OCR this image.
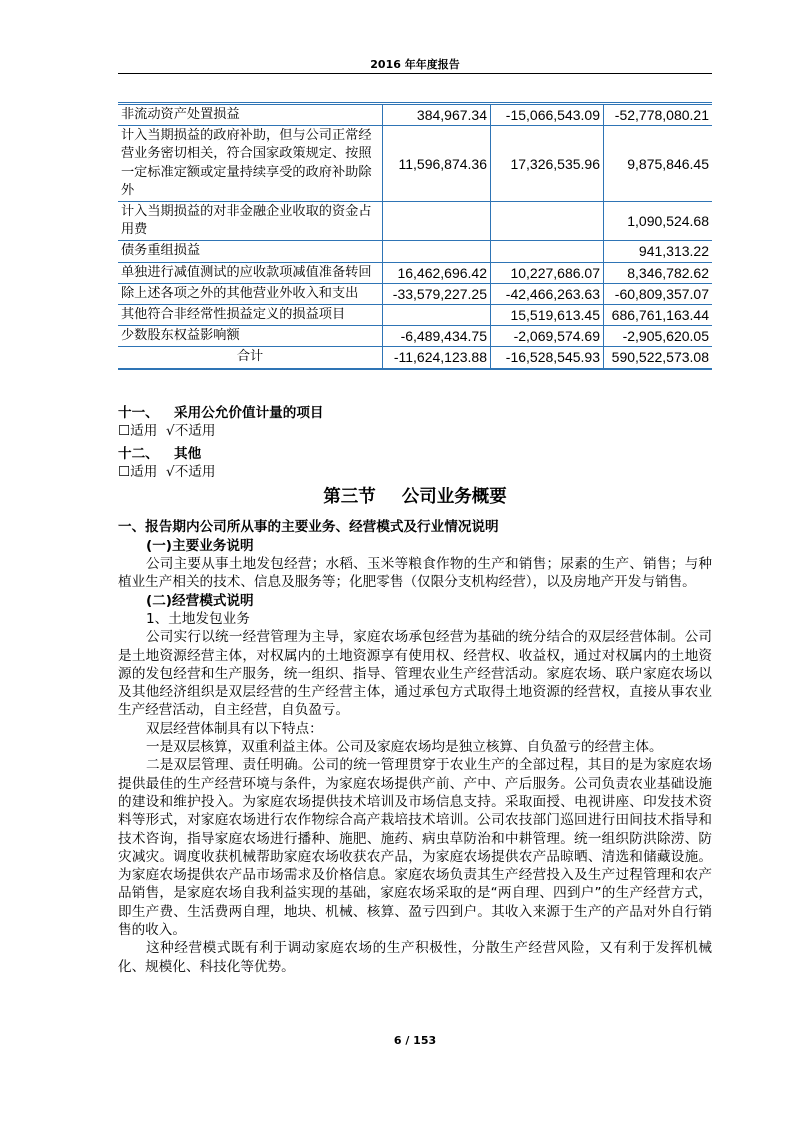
2016 年年度报告
非流动资产处置损益	384,967.34	-15,066,543.09	-52,778,080.21
计入当期损益的政府补助，但与公司正常经营业务密切相关，符合国家政策规定、按照一定标准定额或定量持续享受的政府补助除外	11,596,874.36	17,326,535.96	9,875,846.45
计入当期损益的对非金融企业收取的资金占用费			1,090,524.68
债务重组损益			941,313.22
单独进行减值测试的应收款项减值准备转回	16,462,696.42	10,227,686.07	8,346,782.62
除上述各项之外的其他营业外收入和支出	-33,579,227.25	-42,466,263.63	-60,809,357.07
其他符合非经常性损益定义的损益项目		15,519,613.45	686,761,163.44
少数股东权益影响额	-6,489,434.75	-2,069,574.69	-2,905,620.05
合计	-11,624,123.88	-16,528,545.93	590,522,573.08
十一、 采用公允价值计量的项目
☐适用 √不适用
十二、 其他
☐适用 √不适用
第三节 公司业务概要
一、报告期内公司所从事的主要业务、经营模式及行业情况说明
(一)主要业务说明

公司主要从事土地发包经营；水稻、玉米等粮食作物的生产和销售；尿素的生产、销售；与种植业生产相关的技术、信息及服务等；化肥零售（仅限分支机构经营），以及房地产开发与销售。

(二)经营模式说明

1、土地发包业务

公司实行以统一经营管理为主导，家庭农场承包经营为基础的统分结合的双层经营体制。公司是土地资源经营主体，对权属内的土地资源享有使用权、经营权、收益权，通过对权属内的土地资源的发包经营和生产服务，统一组织、指导、管理农业生产经营活动。家庭农场、联户家庭农场以及其他经济组织是双层经营的生产经营主体，通过承包方式取得土地资源的经营权，直接从事农业生产经营活动，自主经营，自负盈亏。

双层经营体制具有以下特点：

一是双层核算，双重利益主体。公司及家庭农场均是独立核算、自负盈亏的经营主体。

二是双层管理、责任明确。公司的统一管理贯穿于农业生产的全部过程，其目的是为家庭农场提供最佳的生产经营环境与条件，为家庭农场提供产前、产中、产后服务。公司负责农业基础设施的建设和维护投入。为家庭农场提供技术培训及市场信息支持。采取面授、电视讲座、印发技术资料等形式，对家庭农场进行农作物综合高产栽培技术培训。公司农技部门巡回进行田间技术指导和技术咨询，指导家庭农场进行播种、施肥、施药、病虫草防治和中耕管理。统一组织防洪除涝、防灾减灾。调度收获机械帮助家庭农场收获农产品，为家庭农场提供农产品晾晒、清选和储藏设施。为家庭农场提供农产品市场需求及价格信息。家庭农场负责其生产经营投入及生产过程管理和农产品销售，是家庭农场自我利益实现的基础，家庭农场采取的是“两自理、四到户”的生产经营方式，即生产费、生活费两自理，地块、机械、核算、盈亏四到户。其收入来源于生产的产品对外自行销售的收入。

这种经营模式既有利于调动家庭农场的生产积极性，分散生产经营风险，又有利于发挥机械化、规模化、科技化等优势。

6 / 153
